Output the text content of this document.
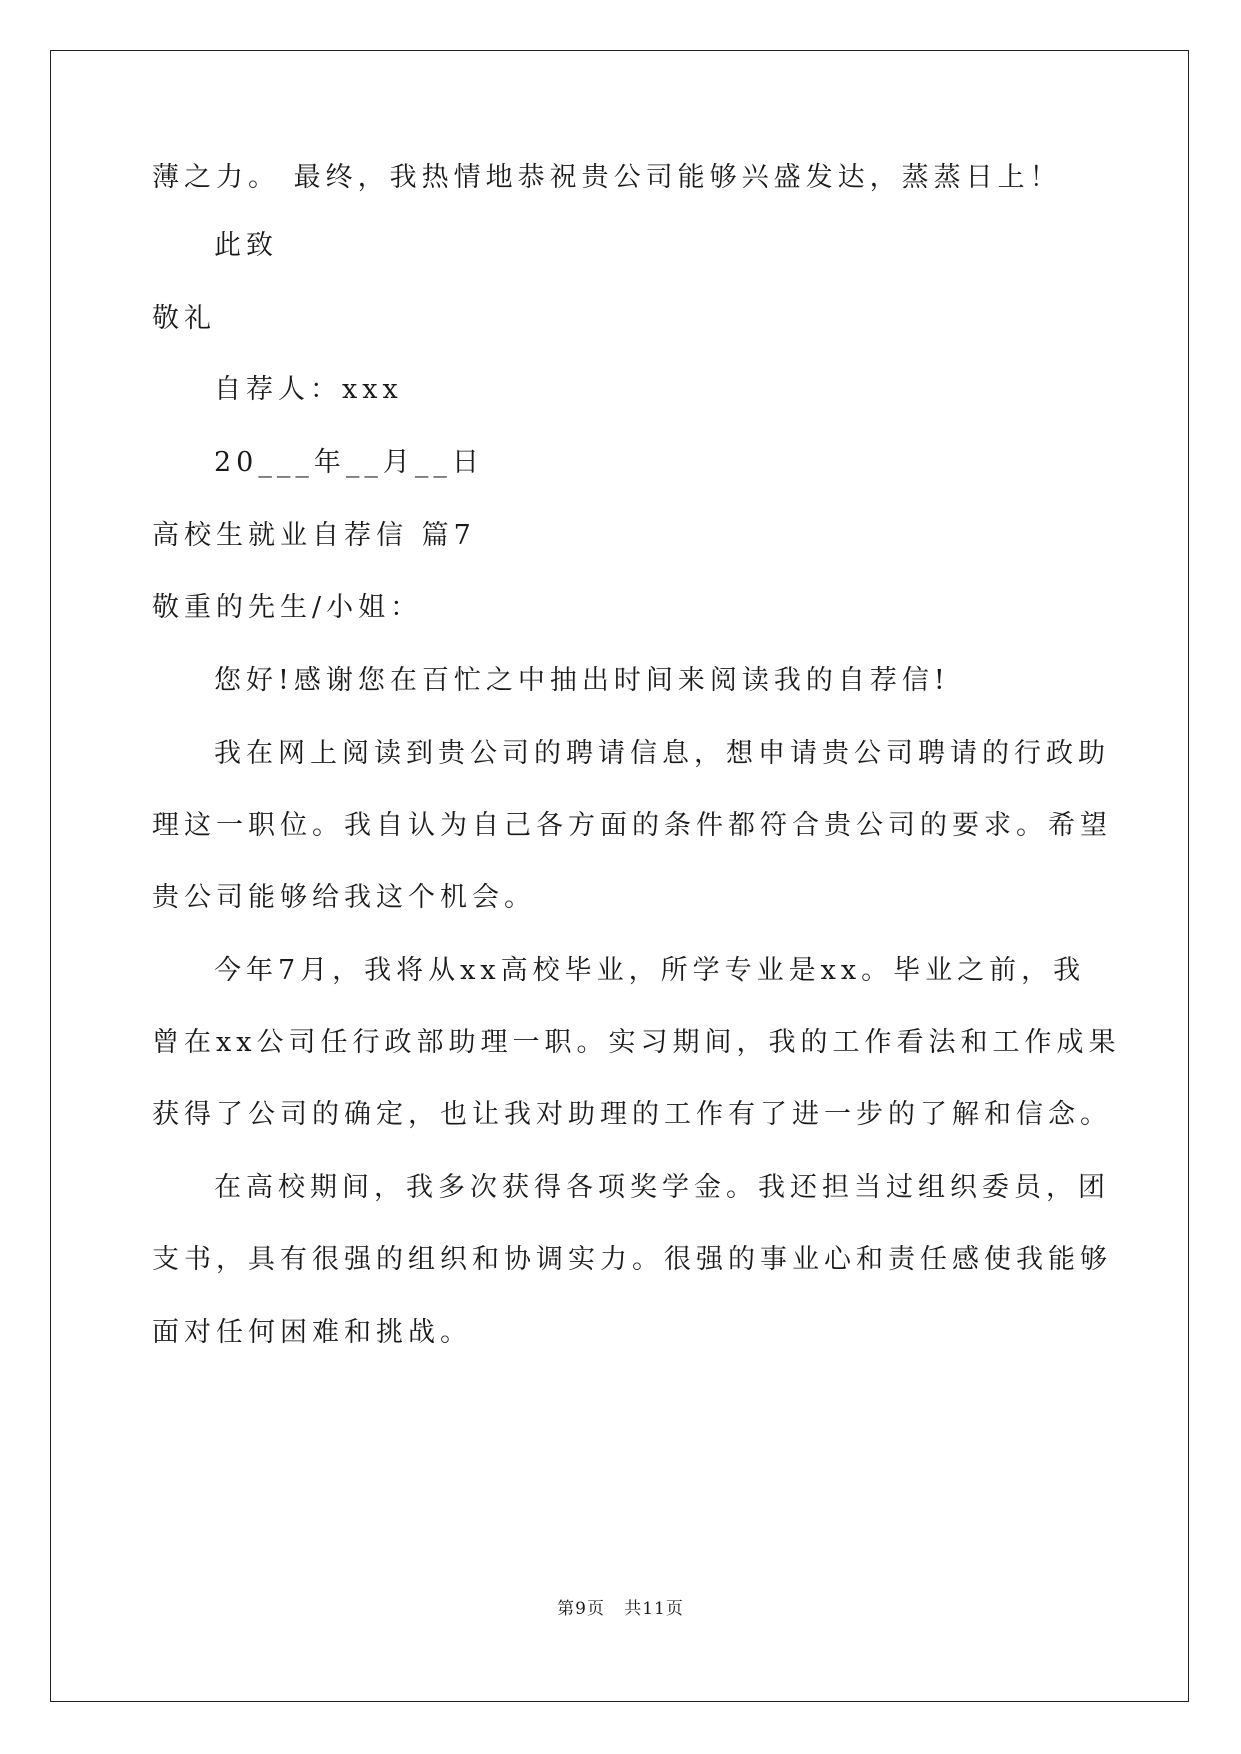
薄之力。 最终，我热情地恭祝贵公司能够兴盛发达，蒸蒸日上！
此致
敬礼
自荐人：xxx
20___年__月__日
高校生就业自荐信 篇7
敬重的先生/小姐：
您好!感谢您在百忙之中抽出时间来阅读我的自荐信!
我在网上阅读到贵公司的聘请信息，想申请贵公司聘请的行政助
理这一职位。我自认为自己各方面的条件都符合贵公司的要求。希望
贵公司能够给我这个机会。
今年7月，我将从xx高校毕业，所学专业是xx。毕业之前，我
曾在xx公司任行政部助理一职。实习期间，我的工作看法和工作成果
获得了公司的确定，也让我对助理的工作有了进一步的了解和信念。
在高校期间，我多次获得各项奖学金。我还担当过组织委员，团
支书，具有很强的组织和协调实力。很强的事业心和责任感使我能够
面对任何困难和挑战。
第9页 共11页
